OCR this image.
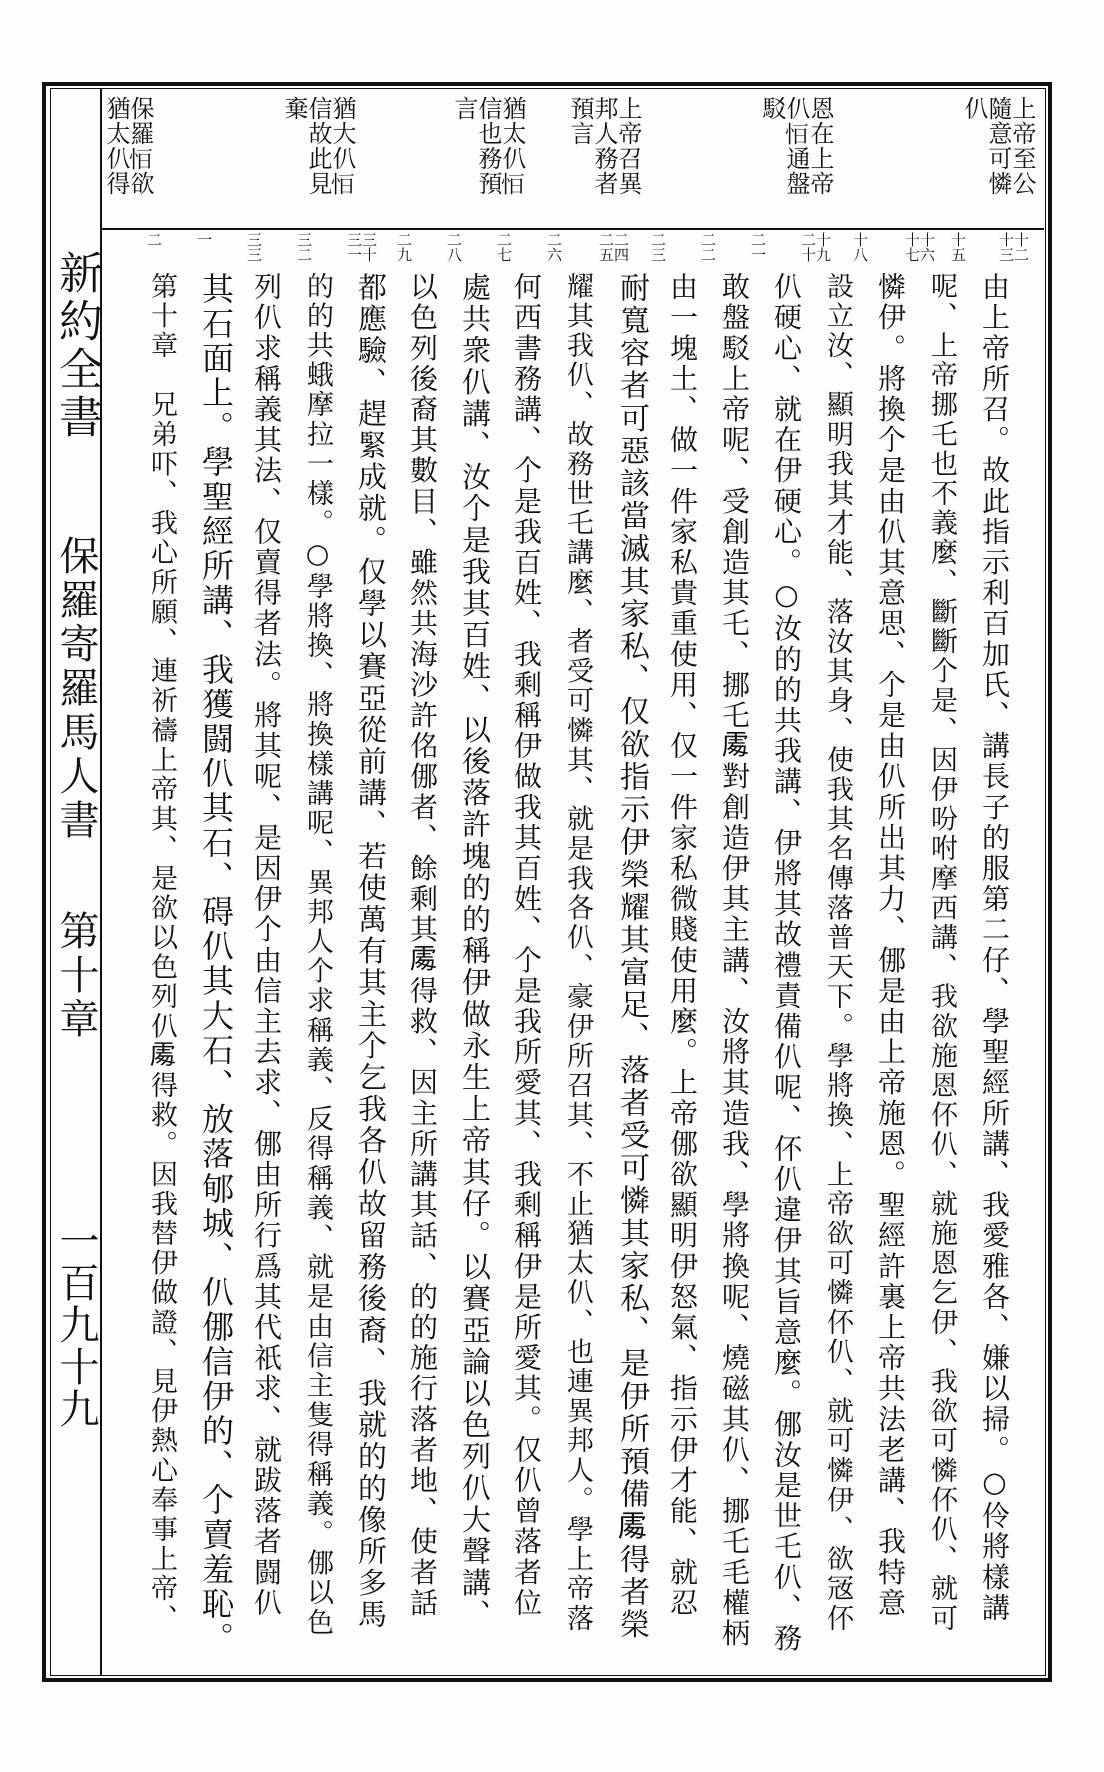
新約全書
保羅寄羅馬人書
第十章
一百九十九
上帝至公
隨意可憐
仈
恩在上帝
仈𢘆通盤
駁
上帝召異
邦人務者
預言
猶太仈𢘆
信也務預
言
猶大仈𢘆
信故此見
棄
保羅𢘆欲
猶太仈得
十二
十三
十五
十六
十七
十八
十九
二十
二一
二二
二三
二四
二五
二六
二七
二八
二九
三十
三一
三二
三三
一
二
由上帝所召。故此指示利百加氏、講長子的服第二仔、學聖經所講、我愛雅各、嫌以掃。○伶將樣講
呢、上帝挪乇也不義麼、斷斷𠆤是、因伊吩咐摩西講、我欲施恩伓仈、就施恩乞伊、我欲可憐伓仈、就可
憐伊。將換𠆤是由仈其意思、𠆤是由仈所出其力、㑚是由上帝施恩。聖經許裏上帝共法老講、我特意
設立汝、顯明我其才能、落汝其身、使我其名傳落普天下。學將換、上帝欲可憐伓仈、就可憐伊、欲㓂伓
仈硬心、就在伊硬心。○汝的的共我講、伊將其故禮責備仈呢、伓仈違伊其旨意麼。㑚汝是世乇仈、務
敢盤駁上帝呢、受創造其乇、挪乇𠁅對創造伊其主講、汝將其造我、學將換呢、燒磁其仈、挪乇毛權柄
由一塊土、做一件家私貴重使用、仅一件家私微賤使用麼。上帝㑚欲顯明伊怒氣、指示伊才能、就忍
耐寬容者可惡該當滅其家私、仅欲指示伊榮耀其富足、落者受可憐其家私、是伊所預備𠁅得者榮
耀其我仈、故務世乇講麼、者受可憐其、就是我各仈、豪伊所召其、不止猶太仈、也連異邦人。學上帝落
何西書務講、𠆤是我百姓、我剩稱伊做我其百姓、𠆤是我所愛其、我剩稱伊是所愛其。仅仈曾落者位
處共衆仈講、汝𠆤是我其百姓、以後落許塊的的稱伊做永生上帝其仔。以賽亞論以色列仈大聲講、
以色列後裔其數目、雖然共海沙許佲㑚者、餘剩其𠁅得救、因主所講其話、的的施行落者地、使者話
都應驗、趕緊成就。仅學以賽亞從前講、若使萬有其主𠆤乞我各仈故留務後裔、我就的的像所多馬
的的共蛾摩拉一樣。○學將換、將換樣講呢、異邦人𠆤求稱義、反得稱義、就是由信主隻得稱義。㑚以色
列仈求稱義其法、仅賣得者法。將其呢、是因伊𠆤由信主去求、㑚由所行爲其代祇求、就跋落者闘仈
其石面上。學聖經所講、我獲闘仈其石、碍仈其大石、放落郇城、仈㑚信伊的、𠆤賣羞恥。
第十章　兄弟吓、我心所願、連祈禱上帝其、是欲以色列仈𠁅得救。因我替伊做證、見伊熱心奉事上帝、
